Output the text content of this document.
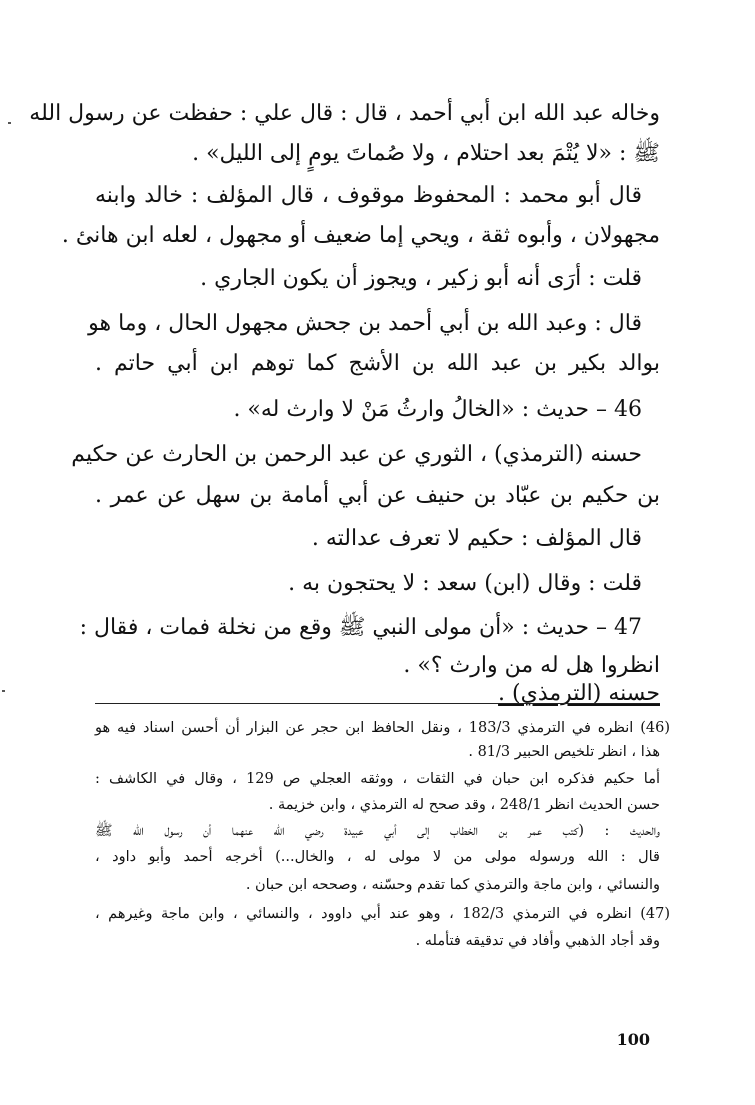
وخاله عبد الله ابن أبي أحمد ، قال : قال علي : حفظت عن رسول الله
ﷺ : «لا يُتْمَ بعد احتلام ، ولا صُماتَ يومٍ إلى الليل» .
قال أبو محمد : المحفوظ موقوف ، قال المؤلف : خالد وابنه
مجهولان ، وأبوه ثقة ، ويحي إما ضعيف أو مجهول ، لعله ابن هانئ .
قلت : أرَى أنه أبو زكير ، ويجوز أن يكون الجاري .
قال : وعبد الله بن أبي أحمد بن جحش مجهول الحال ، وما هو
بوالد بكير بن عبد الله بن الأشج كما توهم ابن أبي حاتم .
46 – حديث : «الخالُ وارثُ مَنْ لا وارث له» .
حسنه (الترمذي) ، الثوري عن عبد الرحمن بن الحارث عن حكيم
بن حكيم بن عبّاد بن حنيف عن أبي أمامة بن سهل عن عمر .
قال المؤلف : حكيم لا تعرف عدالته .
قلت : وقال (ابن) سعد : لا يحتجون به .
47 – حديث : «أن مولى النبي ﷺ وقع من نخلة فمات ، فقال :
انظروا هل له من وارث ؟» .
حسنه (الترمذي) .
(46) انظره في الترمذي 183/3 ، ونقل الحافظ ابن حجر عن البزار أن أحسن اسناد فيه هو
هذا ، انظر تلخيص الحبير 81/3 .
أما حكيم فذكره ابن حبان في الثقات ، ووثقه العجلي ص 129 ، وقال في الكاشف :
حسن الحديث انظر 248/1 ، وقد صحح له الترمذي ، وابن خزيمة .
والحديث : (كتب عمر بن الخطاب إلى أبي عبيدة رضي الله عنهما أن رسول الله ﷺ
قال : الله ورسوله مولى من لا مولى له ، والخال...) أخرجه أحمد وأبو داود ،
والنسائي ، وابن ماجة والترمذي كما تقدم وحسّنه ، وصححه ابن حبان .
(47) انظره في الترمذي 182/3 ، وهو عند أبي داوود ، والنسائي ، وابن ماجة وغيرهم ،
وقد أجاد الذهبي وأفاد في تدقيقه فتأمله .
100
